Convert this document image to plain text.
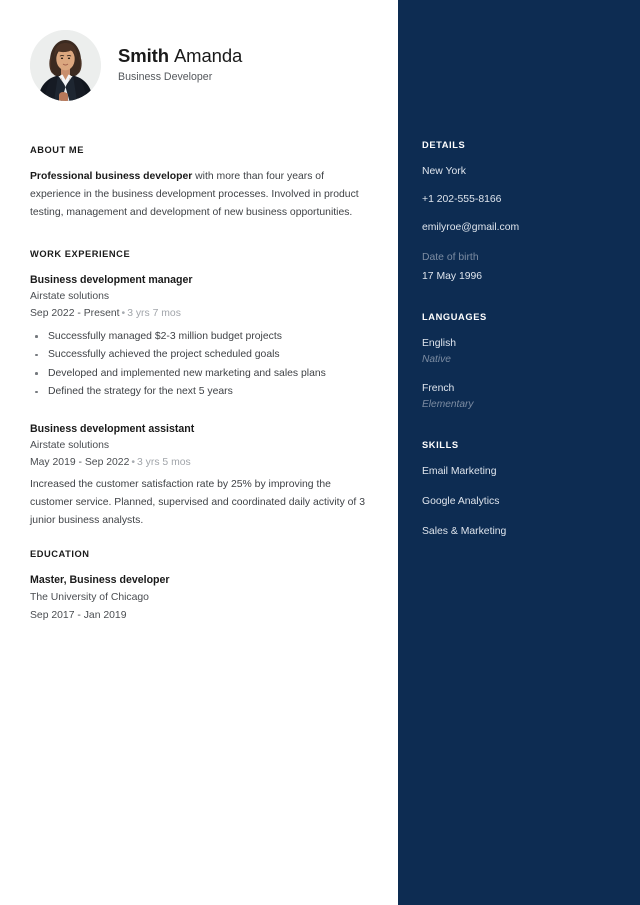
Smith Amanda
Business Developer
ABOUT ME
Professional business developer with more than four years of experience in the business development processes. Involved in product testing, management and development of new business opportunities.
WORK EXPERIENCE
Business development manager
Airstate solutions
Sep 2022 - Present • 3 yrs 7 mos
Successfully managed $2-3 million budget projects
Successfully achieved the project scheduled goals
Developed and implemented new marketing and sales plans
Defined the strategy for the next 5 years
Business development assistant
Airstate solutions
May 2019 - Sep 2022 • 3 yrs 5 mos
Increased the customer satisfaction rate by 25% by improving the customer service. Planned, supervised and coordinated daily activity of 3 junior business analysts.
EDUCATION
Master, Business developer
The University of Chicago
Sep 2017 - Jan 2019
DETAILS
New York
+1 202-555-8166
emilyroe@gmail.com
Date of birth
17 May 1996
LANGUAGES
English
Native
French
Elementary
SKILLS
Email Marketing
Google Analytics
Sales & Marketing
